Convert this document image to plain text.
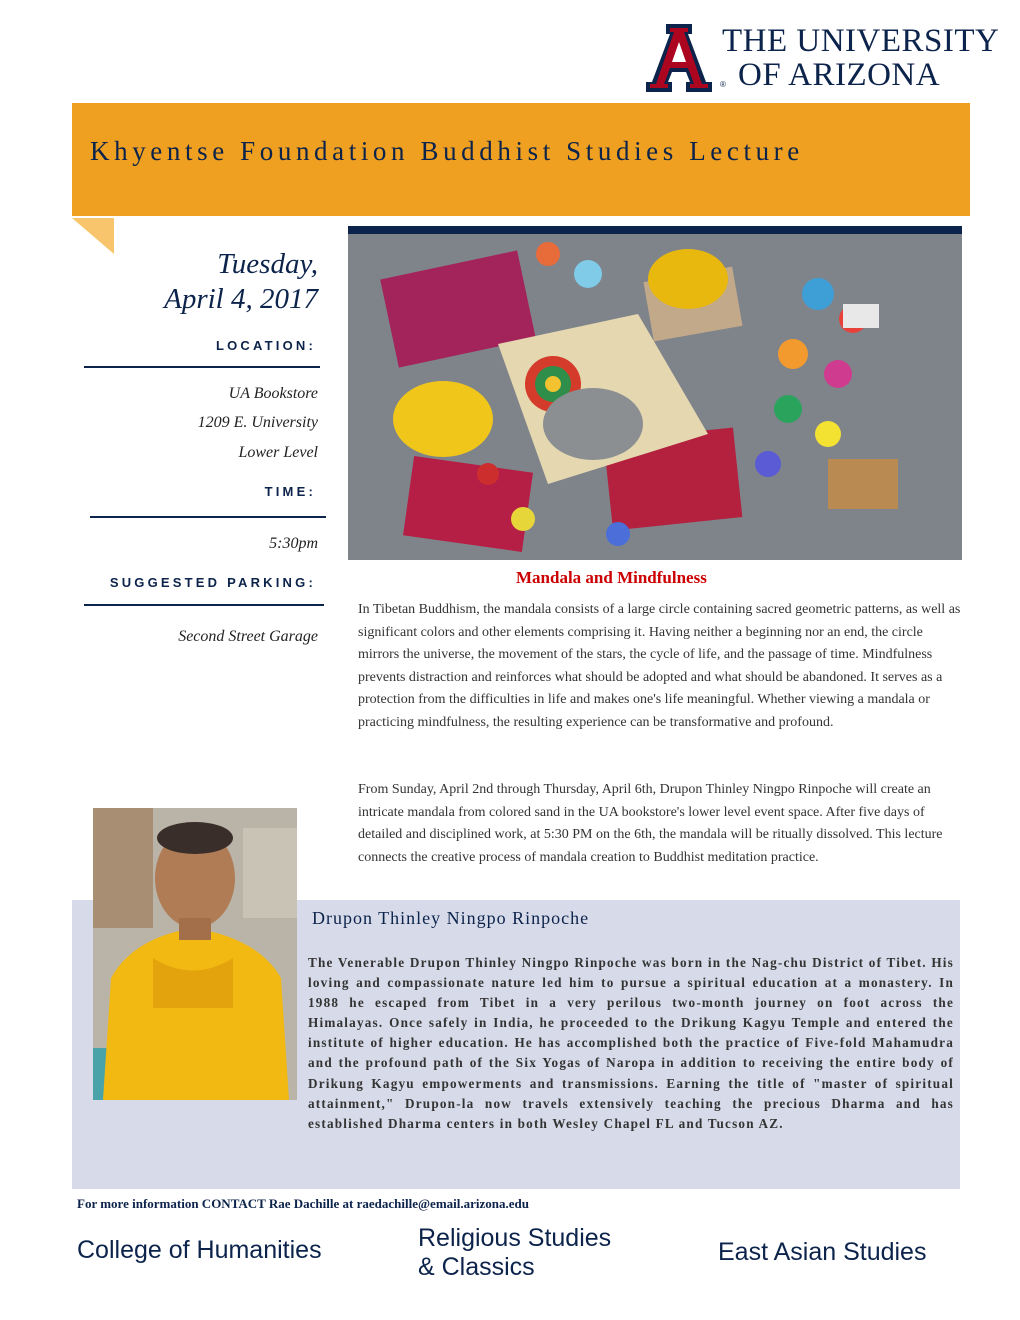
THE UNIVERSITY
OF ARIZONA
®
Khyentse Foundation Buddhist Studies Lecture
Tuesday,
April 4, 2017
LOCATION:
UA Bookstore
1209 E. University
Lower Level
TIME:
5:30pm
SUGGESTED PARKING:
Second Street Garage
Mandala and Mindfulness
In Tibetan Buddhism, the mandala consists of a large circle containing sacred geometric patterns, as well as significant colors and other elements comprising it. Having neither a beginning nor an end, the circle mirrors the universe, the movement of the stars, the cycle of life, and the passage of time. Mindfulness prevents distraction and reinforces what should be adopted and what should be abandoned. It serves as a protection from the difficulties in life and makes one's life meaningful. Whether viewing a mandala or practicing mindfulness, the resulting experience can be transformative and profound.
From Sunday, April 2nd through Thursday, April 6th, Drupon Thinley Ningpo Rinpoche will create an intricate mandala from colored sand in the UA bookstore's lower level event space. After five days of detailed and disciplined work, at 5:30 PM on the 6th, the mandala will be ritually dissolved. This lecture connects the creative process of mandala creation to Buddhist meditation practice.
Drupon Thinley Ningpo Rinpoche
The Venerable Drupon Thinley Ningpo Rinpoche was born in the Nag-chu District of Tibet. His loving and compassionate nature led him to pursue a spiritual education at a monastery. In 1988 he escaped from Tibet in a very perilous two-month journey on foot across the Himalayas. Once safely in India, he proceeded to the Drikung Kagyu Temple and entered the institute of higher education. He has accomplished both the practice of Five-fold Mahamudra and the profound path of the Six Yogas of Naropa in addition to receiving the entire body of Drikung Kagyu empowerments and transmissions. Earning the title of "master of spiritual attainment," Drupon-la now travels extensively teaching the precious Dharma and has established Dharma centers in both Wesley Chapel FL and Tucson AZ.
For more information CONTACT Rae Dachille at raedachille@email.arizona.edu
College of Humanities	Religious Studies
& Classics
East Asian Studies
